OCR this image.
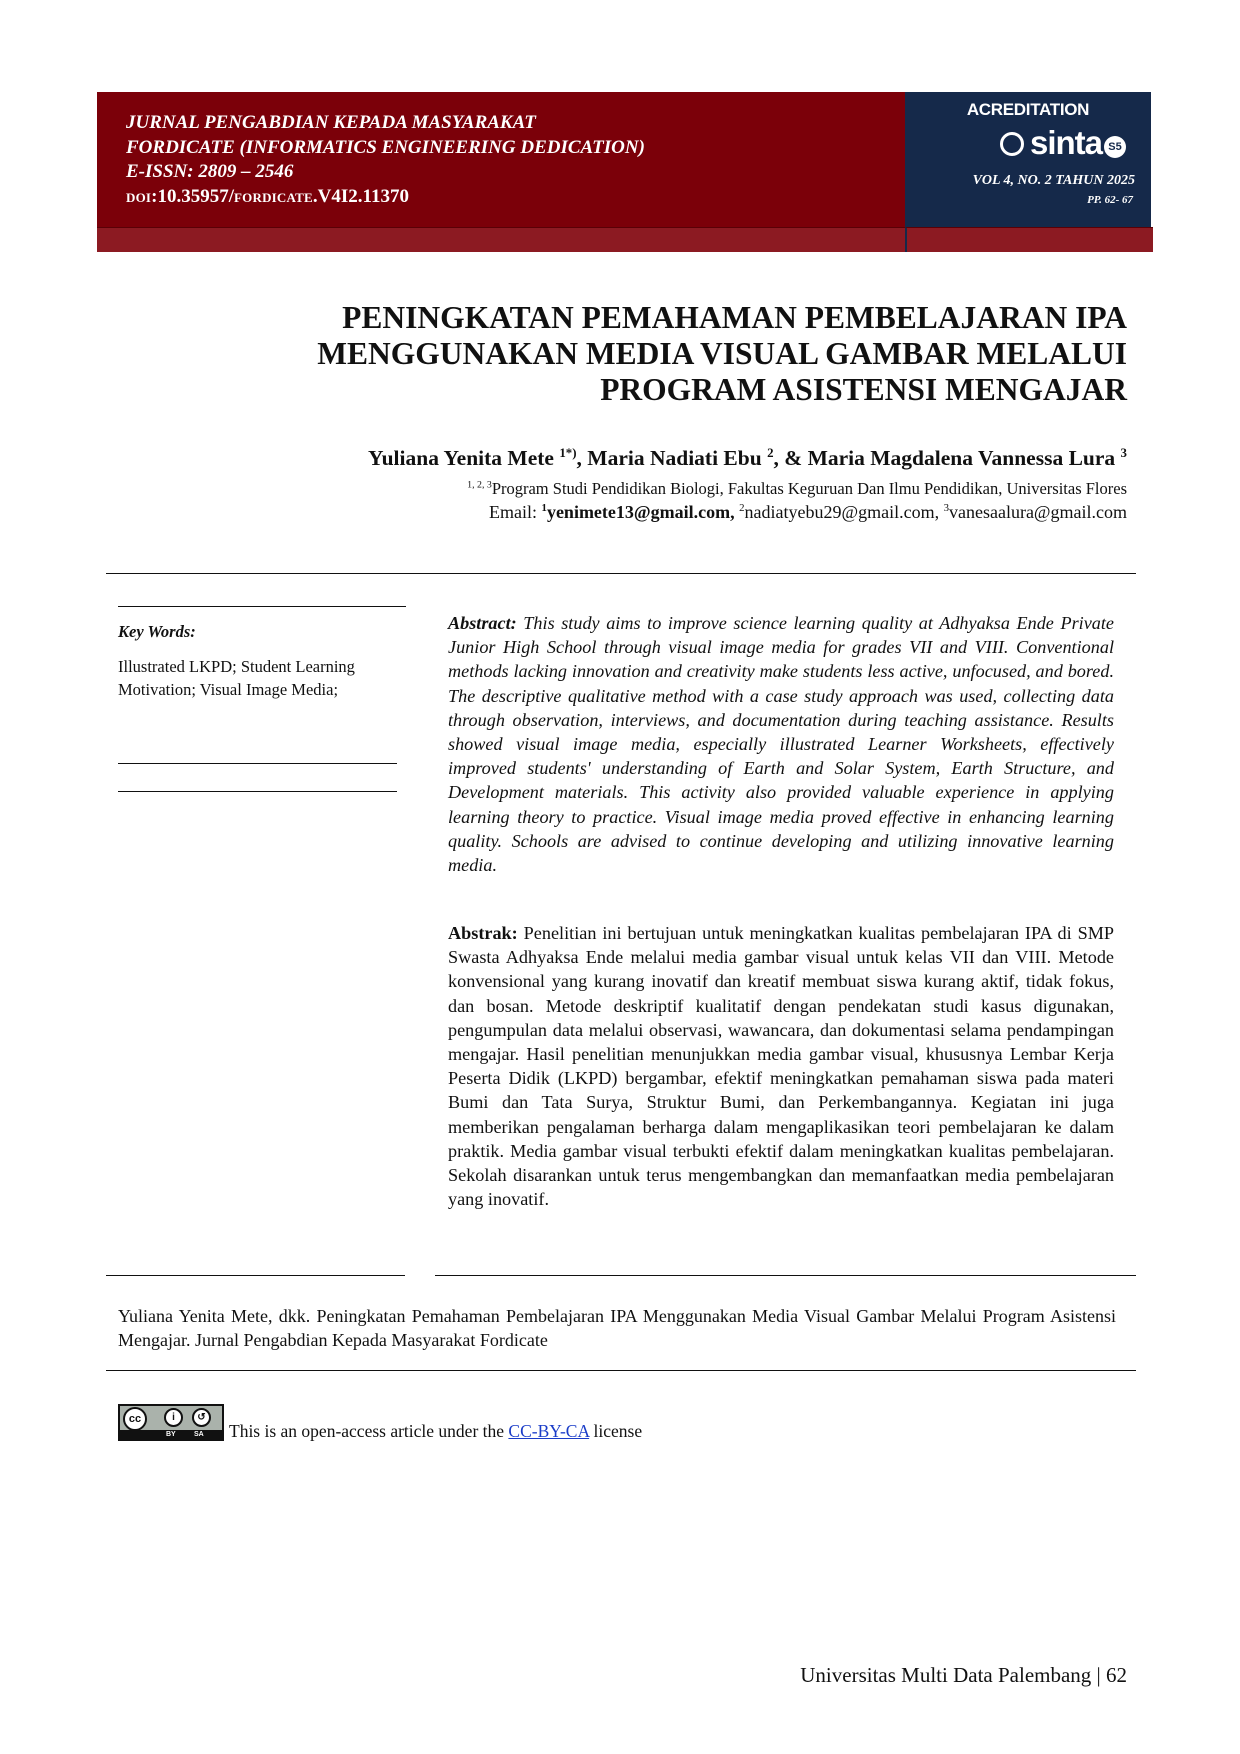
JURNAL PENGABDIAN KEPADA MASYARAKAT
FORDICATE (INFORMATICS ENGINEERING DEDICATION)
E-ISSN: 2809 – 2546
DOI:10.35957/FORDICATE.V4I2.11370
ACREDITATION
sinta S5
VOL 4, NO. 2 TAHUN 2025
PP. 62- 67
PENINGKATAN PEMAHAMAN PEMBELAJARAN IPA
MENGGUNAKAN MEDIA VISUAL GAMBAR MELALUI
PROGRAM ASISTENSI MENGAJAR
Yuliana Yenita Mete $^{1*)}$, Maria Nadiati Ebu $^2$, & Maria Magdalena Vannessa Lura $^3$
$^{1, 2, 3}$Program Studi Pendidikan Biologi, Fakultas Keguruan Dan Ilmu Pendidikan, Universitas Flores
Email: $^1$yenimete13@gmail.com, $^2$nadiatyebu29@gmail.com, $^3$vanesaalura@gmail.com
Key Words:
Illustrated LKPD; Student Learning Motivation; Visual Image Media;
Abstract: This study aims to improve science learning quality at Adhyaksa Ende Private Junior High School through visual image media for grades VII and VIII. Conventional methods lacking innovation and creativity make students less active, unfocused, and bored. The descriptive qualitative method with a case study approach was used, collecting data through observation, interviews, and documentation during teaching assistance. Results showed visual image media, especially illustrated Learner Worksheets, effectively improved students' understanding of Earth and Solar System, Earth Structure, and Development materials. This activity also provided valuable experience in applying learning theory to practice. Visual image media proved effective in enhancing learning quality. Schools are advised to continue developing and utilizing innovative learning media.
Abstrak: Penelitian ini bertujuan untuk meningkatkan kualitas pembelajaran IPA di SMP Swasta Adhyaksa Ende melalui media gambar visual untuk kelas VII dan VIII. Metode konvensional yang kurang inovatif dan kreatif membuat siswa kurang aktif, tidak fokus, dan bosan. Metode deskriptif kualitatif dengan pendekatan studi kasus digunakan, pengumpulan data melalui observasi, wawancara, dan dokumentasi selama pendampingan mengajar. Hasil penelitian menunjukkan media gambar visual, khususnya Lembar Kerja Peserta Didik (LKPD) bergambar, efektif meningkatkan pemahaman siswa pada materi Bumi dan Tata Surya, Struktur Bumi, dan Perkembangannya. Kegiatan ini juga memberikan pengalaman berharga dalam mengaplikasikan teori pembelajaran ke dalam praktik. Media gambar visual terbukti efektif dalam meningkatkan kualitas pembelajaran. Sekolah disarankan untuk terus mengembangkan dan memanfaatkan media pembelajaran yang inovatif.
Yuliana Yenita Mete, dkk. Peningkatan Pemahaman Pembelajaran IPA Menggunakan Media Visual Gambar Melalui Program Asistensi Mengajar. Jurnal Pengabdian Kepada Masyarakat Fordicate
cc	i	↺
BY	SA This is an open-access article under the CC-BY-CA license
Universitas Multi Data Palembang | 62
